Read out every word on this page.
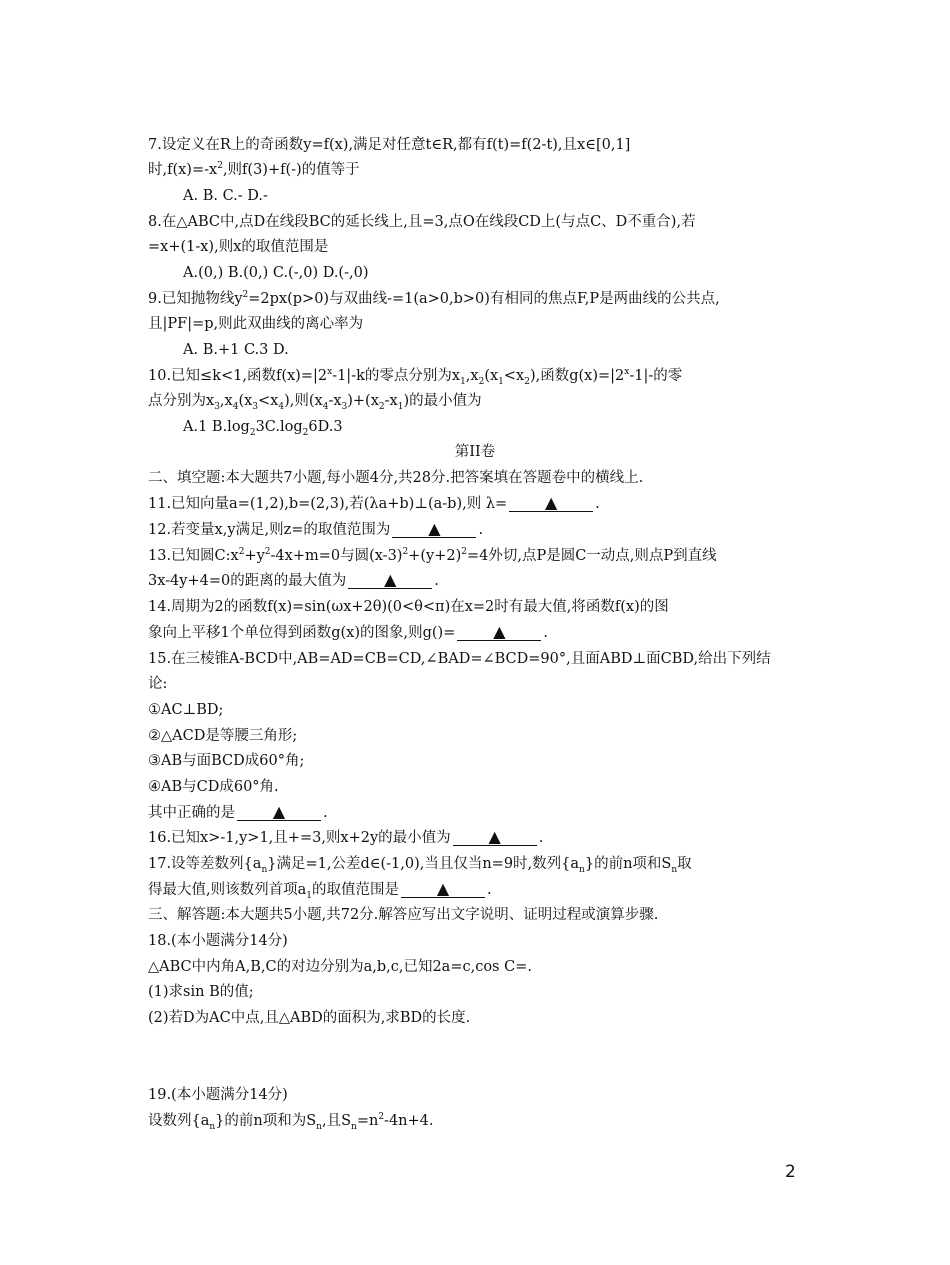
7.设定义在R上的奇函数y=f(x),满足对任意t∈R,都有f(t)=f(2-t),且x∈[0,1]
时$,f(x)=-x^2$,则f(3)+f(-)的值等于
A. B. C.- D.-
8.在△ABC中,点D在线段BC的延长线上,且=3,点O在线段CD上(与点C、D不重合),若
=x+(1-x),则x的取值范围是
A.(0,) B.(0,) C.(-,0) D.(-,0)
9.已知抛物线$y^2=2px(p>0)$与双曲线-=1(a>0,b>0)有相同的焦点F,P是两曲线的公共点,
且|PF|=p,则此双曲线的离心率为
A. B.+1 C.3 D.
10.已知≤k<1,函数$f(x)=|2^x-1|-k$的零点分别为$x_1,x_2(x_1<x_2)$,函数$g(x)=|2^x-1|-$的零
点分别为$x_3,x_4(x_3<x_4)$,则$(x_4-x_3)+(x_2-x_1)$的最小值为
A.1 $B.\log_23C.\log_26D.3$
第II卷
二、填空题:本大题共7小题,每小题4分,共28分.把答案填在答题卷中的横线上.
11.已知向量a=(1,2),b=(2,3),若(λa+b)⊥(a-b),则 λ= ▲	.
12.若变量x,y满足,则z=的取值范围为 ▲	.
13.已知圆$C:x^2+y^2-4x+m=0$与圆$(x-3)^2+(y+2)^2=4$外切,点P是圆C一动点,则点P到直线
3x-4y+4=0的距离的最大值为 ▲	.
14.周期为2的函数f(x)=sin(ωx+2θ)(0<θ<π)在x=2时有最大值,将函数f(x)的图
象向上平移1个单位得到函数g(x)的图象,则g()= ▲	.
15.在三棱锥A-BCD中,AB=AD=CB=CD,∠BAD=∠BCD=90°,且面ABD⊥面CBD,给出下列结
论:
①AC⊥BD;
②△ACD是等腰三角形;
③AB与面BCD成60°角;
④AB与CD成60°角.
其中正确的是 ▲	.
16.已知x>-1,y>1,且+=3,则x+2y的最小值为 ▲	.
17.设等差数列$\{a_n\}$满足=1,公差d∈(-1,0),当且仅当n=9时,数列$\{a_n\}$的前n项和$S_n$取
得最大值,则该数列首项$a_1$的取值范围是 ▲	.
三、解答题:本大题共5小题,共72分.解答应写出文字说明、证明过程或演算步骤.
18.(本小题满分14分)
△ABC中内角A,B,C的对边分别为a,b,c,已知2a=c,cos C=.
(1)求sin B的值;
(2)若D为AC中点,且△ABD的面积为,求BD的长度.
19.(本小题满分14分)
设数列$\{a_n\}$的前n项和为$S_n$,且$S_n=n^2-4n+4$.
2
